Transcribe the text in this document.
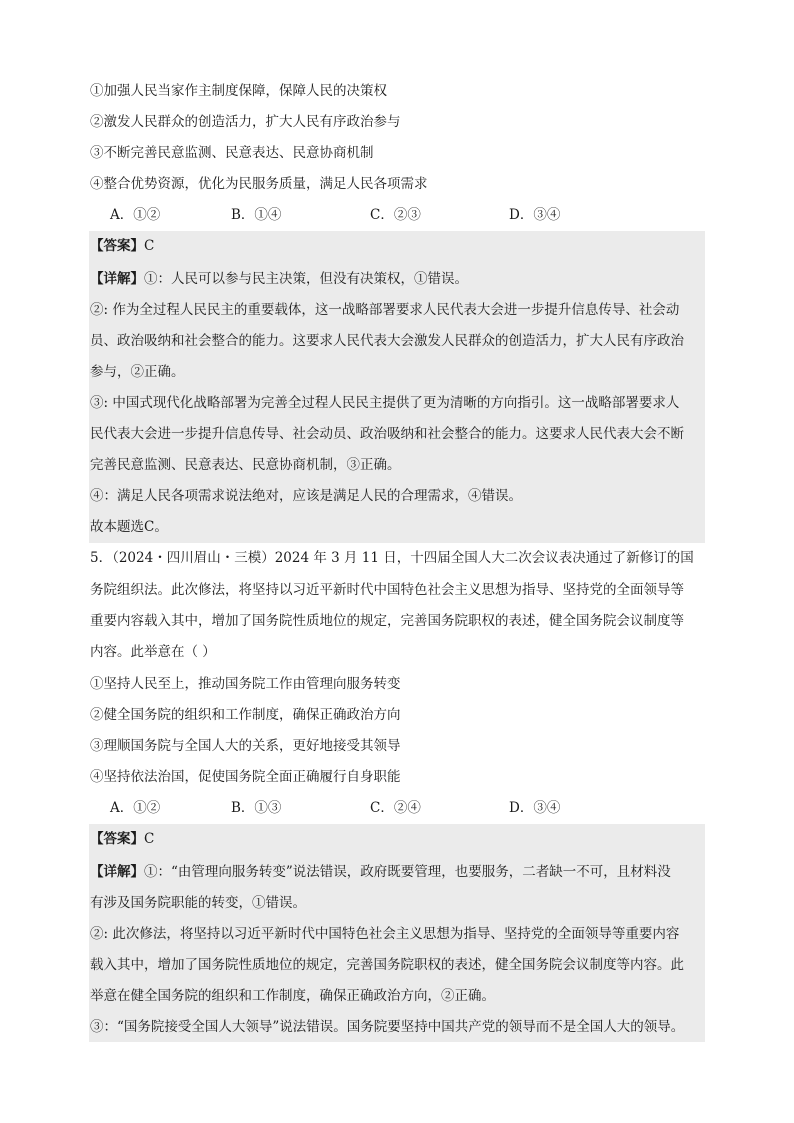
①加强人民当家作主制度保障，保障人民的决策权
②激发人民群众的创造活力，扩大人民有序政治参与
③不断完善民意监测、民意表达、民意协商机制
④整合优势资源，优化为民服务质量，满足人民各项需求
A．①②	B．①④	C．②③	D．③④
【答案】C
【详解】①：人民可以参与民主决策，但没有决策权，①错误。
②: 作为全过程人民民主的重要载体，这一战略部署要求人民代表大会进一步提升信息传导、社会动
员、政治吸纳和社会整合的能力。这要求人民代表大会激发人民群众的创造活力，扩大人民有序政治
参与，②正确。
③: 中国式现代化战略部署为完善全过程人民民主提供了更为清晰的方向指引。这一战略部署要求人
民代表大会进一步提升信息传导、社会动员、政治吸纳和社会整合的能力。这要求人民代表大会不断
完善民意监测、民意表达、民意协商机制，③正确。
④：满足人民各项需求说法绝对，应该是满足人民的合理需求，④错误。
故本题选C。
5．（2024・四川眉山・三模）2024 年 3 月 11 日，十四届全国人大二次会议表决通过了新修订的国
务院组织法。此次修法，将坚持以习近平新时代中国特色社会主义思想为指导、坚持党的全面领导等
重要内容载入其中，增加了国务院性质地位的规定，完善国务院职权的表述，健全国务院会议制度等
内容。此举意在（ ）
①坚持人民至上，推动国务院工作由管理向服务转变
②健全国务院的组织和工作制度，确保正确政治方向
③理顺国务院与全国人大的关系，更好地接受其领导
④坚持依法治国，促使国务院全面正确履行自身职能
A．①②	B．①③	C．②④	D．③④
【答案】C
【详解】①：“由管理向服务转变”说法错误，政府既要管理，也要服务，二者缺一不可，且材料没
有涉及国务院职能的转变，①错误。
②: 此次修法，将坚持以习近平新时代中国特色社会主义思想为指导、坚持党的全面领导等重要内容
载入其中，增加了国务院性质地位的规定，完善国务院职权的表述，健全国务院会议制度等内容。此
举意在健全国务院的组织和工作制度，确保正确政治方向，②正确。
③：“国务院接受全国人大领导”说法错误。国务院要坚持中国共产党的领导而不是全国人大的领导。
